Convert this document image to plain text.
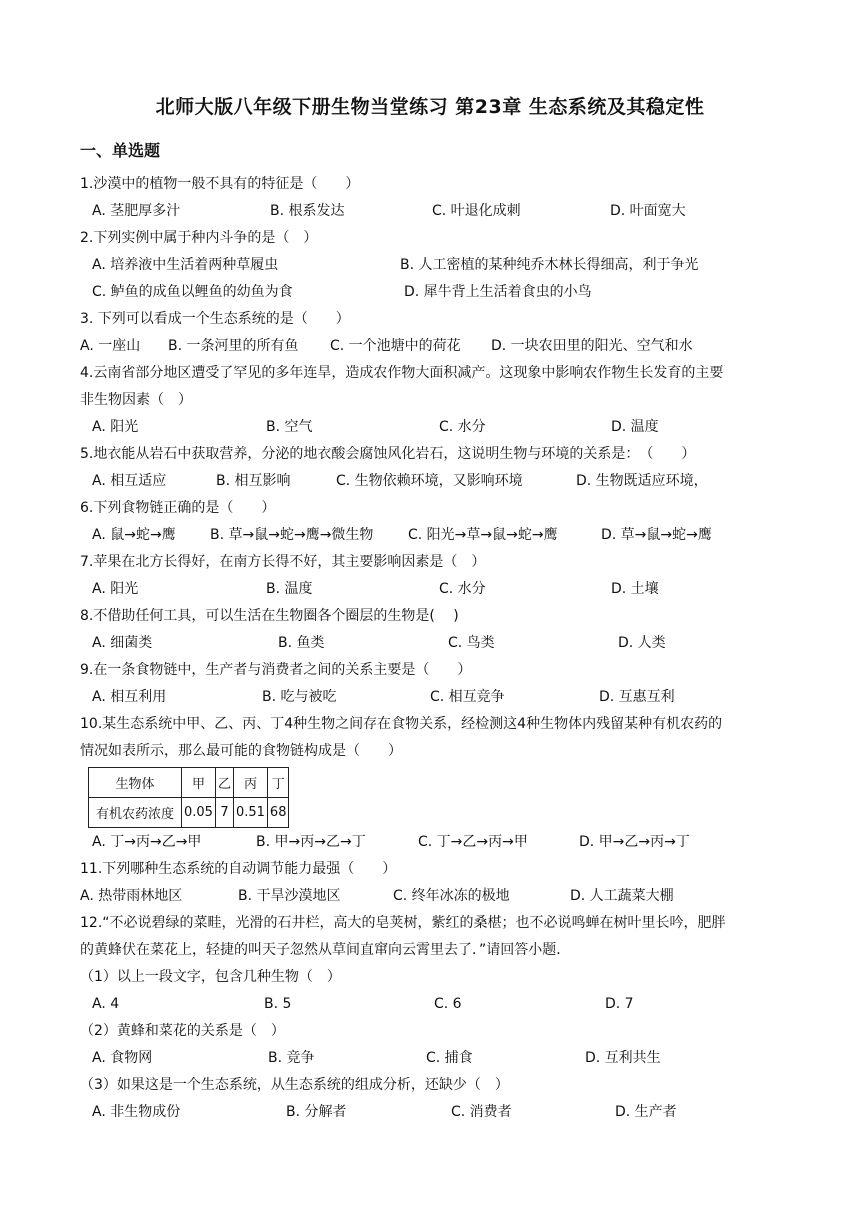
北师大版八年级下册生物当堂练习 第23章 生态系统及其稳定性
一、单选题
1.沙漠中的植物一般不具有的特征是（　　）
A. 茎肥厚多汁	B. 根系发达	C. 叶退化成刺	D. 叶面宽大
2.下列实例中属于种内斗争的是（　）
A. 培养液中生活着两种草履虫	B. 人工密植的某种纯乔木林长得细高，利于争光
C. 鲈鱼的成鱼以鲤鱼的幼鱼为食	D. 犀牛背上生活着食虫的小鸟
3. 下列可以看成一个生态系统的是（　　）
A. 一座山 B. 一条河里的所有鱼 C. 一个池塘中的荷花 D. 一块农田里的阳光、空气和水
4.云南省部分地区遭受了罕见的多年连旱，造成农作物大面积减产。这现象中影响农作物生长发育的主要
非生物因素（　）
A. 阳光	B. 空气	C. 水分	D. 温度
5.地衣能从岩石中获取营养，分泌的地衣酸会腐蚀风化岩石，这说明生物与环境的关系是：　（　　）
A. 相互适应	B. 相互影响	C. 生物依赖环境，又影响环境	D. 生物既适应环境，
6.下列食物链正确的是（　　）
A. 鼠→蛇→鹰 B. 草→鼠→蛇→鹰→微生物 C. 阳光→草→鼠→蛇→鹰	D. 草→鼠→蛇→鹰
7.苹果在北方长得好，在南方长得不好，其主要影响因素是（　）
A. 阳光	B. 温度	C. 水分	D. 土壤
8.不借助任何工具，可以生活在生物圈各个圈层的生物是(　 )
A. 细菌类	B. 鱼类	C. 鸟类	D. 人类
9.在一条食物链中，生产者与消费者之间的关系主要是（　　）
A. 相互利用	B. 吃与被吃	C. 相互竞争	D. 互惠互利
10.某生态系统中甲、乙、丙、丁4种生物之间存在食物关系，经检测这4种生物体内残留某种有机农药的
情况如表所示，那么最可能的食物链构成是（　　）
生物体	甲	乙	丙	丁
有机农药浓度	0.05	7	0.51	68
A. 丁→丙→乙→甲	B. 甲→丙→乙→丁	C. 丁→乙→丙→甲	D. 甲→乙→丙→丁
11.下列哪种生态系统的自动调节能力最强（　　）
A. 热带雨林地区	B. 干旱沙漠地区	C. 终年冰冻的极地	D. 人工蔬菜大棚
12.“不必说碧绿的菜畦，光滑的石井栏，高大的皂荚树，紫红的桑椹；也不必说鸣蝉在树叶里长吟，肥胖
的黄蜂伏在菜花上，轻捷的叫天子忽然从草间直窜向云霄里去了．”请回答小题．
（1）以上一段文字，包含几种生物（　）
A. 4	B. 5	C. 6	D. 7
（2）黄蜂和菜花的关系是（　）
A. 食物网	B. 竞争	C. 捕食	D. 互利共生
（3）如果这是一个生态系统，从生态系统的组成分析，还缺少（　）
A. 非生物成份	B. 分解者	C. 消费者	D. 生产者
